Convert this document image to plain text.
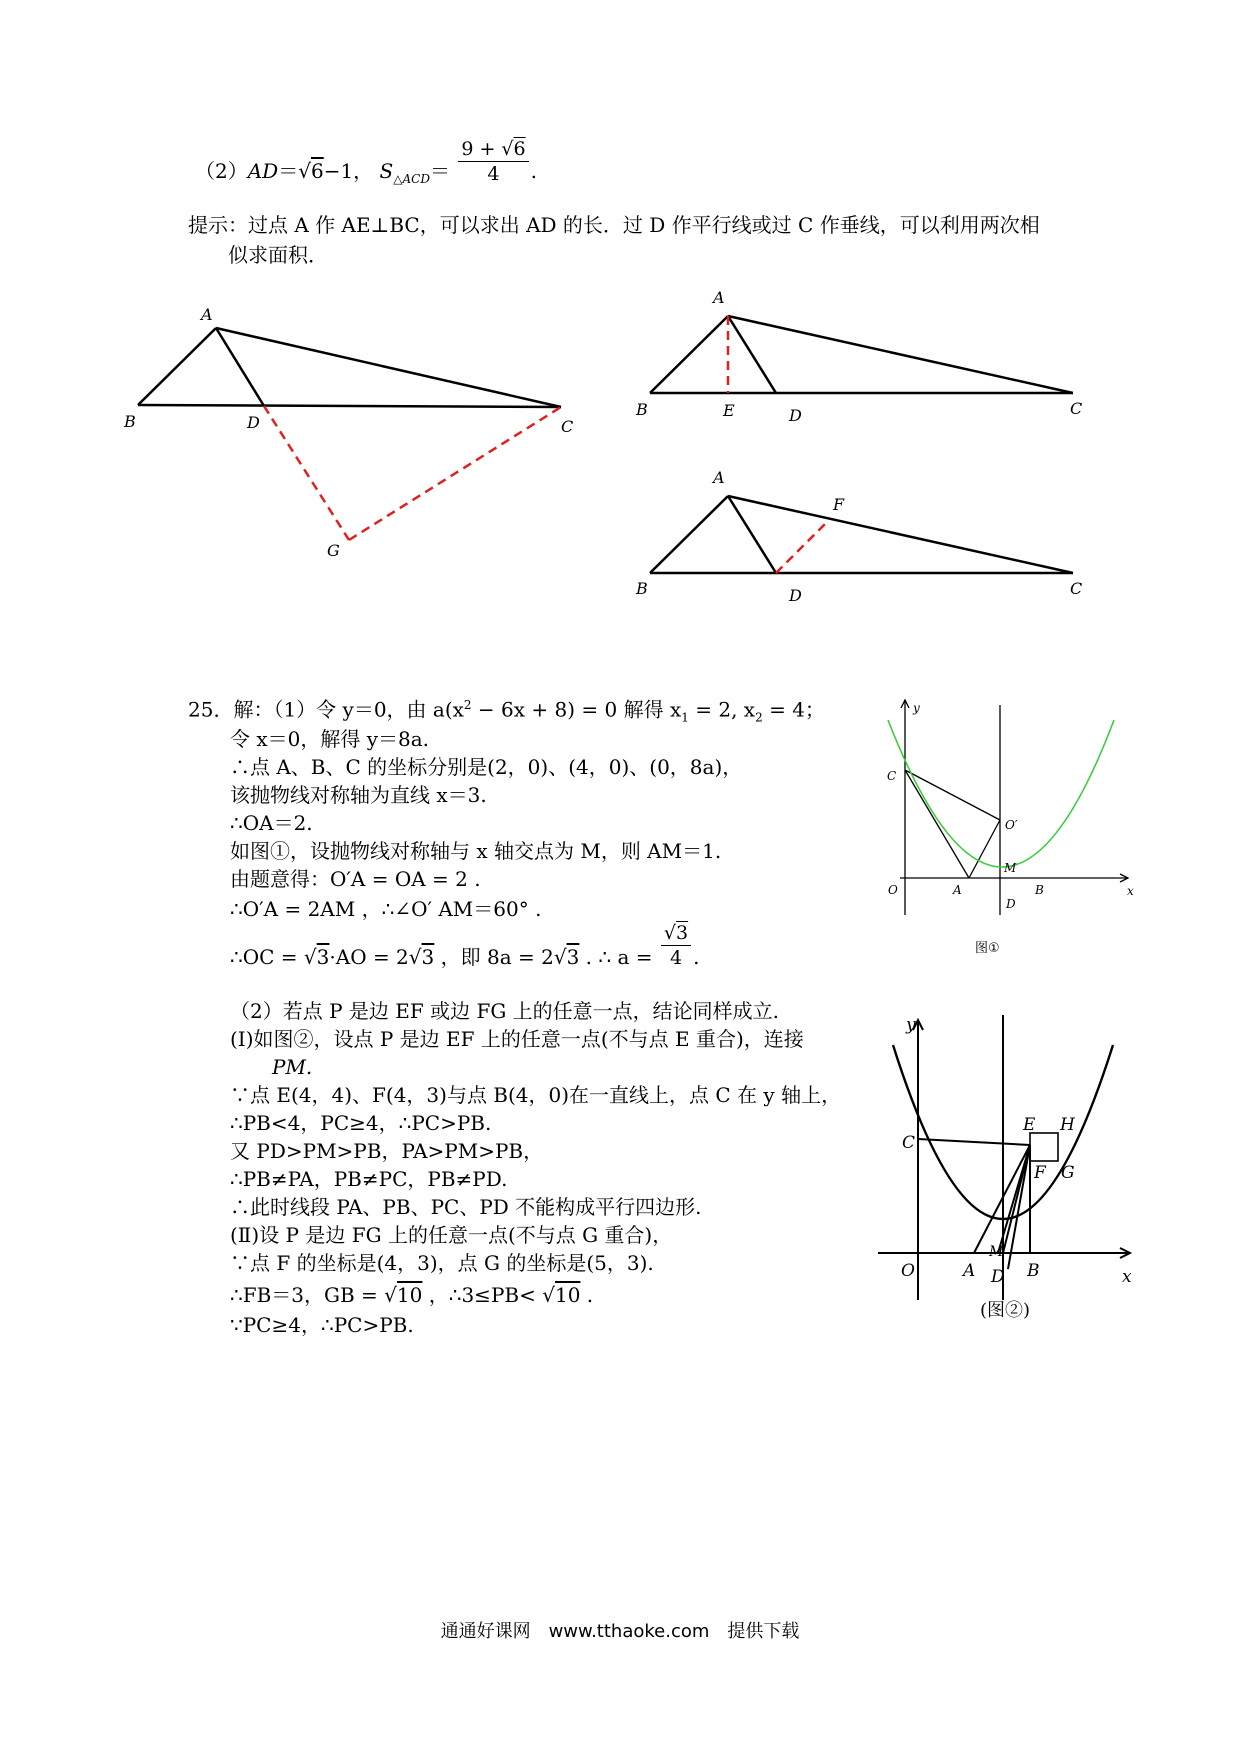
（2）AD＝√6−1， $S_{\triangle ACD}= \frac{9 + √6}{4}$ .
提示：过点 A 作 AE⊥BC，可以求出 AD 的长．过 D 作平行线或过 C 作垂线，可以利用两次相
似求面积．
A
B	D	C
G
A
B	E	D	C
A
F
B	D	C
25．解：（1）令 y＝0，由 $a(x^2 - 6x + 8) = 0$ 解得 $x_1 = 2$, $x_2 = 4$；
令 x＝0，解得 y＝8a.
∴点 A、B、C 的坐标分别是(2，0)、(4，0)、(0，8a)，
该抛物线对称轴为直线 x＝3.
∴OA＝2.
如图①，设抛物线对称轴与 x 轴交点为 M，则 AM＝1.
由题意得：O′A = OA = 2 .
∴O′A = 2AM ，∴∠O′ AM＝60° .
∴OC = √3·AO = 2√3 ，即 8a = 2√3 . ∴ $a = \frac{√3}{4}$ .
（2）若点 P 是边 EF 或边 FG 上的任意一点，结论同样成立.
(Ⅰ)如图②，设点 P 是边 EF 上的任意一点(不与点 E 重合)，连接
PM.
∵点 E(4，4)、F(4，3)与点 B(4，0)在一直线上，点 C 在 y 轴上，
∴PB<4，PC≥4，∴PC>PB.
又 PD>PM>PB，PA>PM>PB，
∴PB≠PA，PB≠PC，PB≠PD.
∴此时线段 PA、PB、PC、PD 不能构成平行四边形.
(Ⅱ)设 P 是边 FG 上的任意一点(不与点 G 重合)，
∵点 F 的坐标是(4，3)，点 G 的坐标是(5，3).
∴FB＝3，GB = √10 ，∴3≤PB< √10 .
∵PC≥4，∴PC>PB.
y
C
O′
M
O	A
D
B	x
图①
y
C
E H
F G
O	A
M
D B	x
(图②)
通通好课网　www.tthaoke.com　提供下载
